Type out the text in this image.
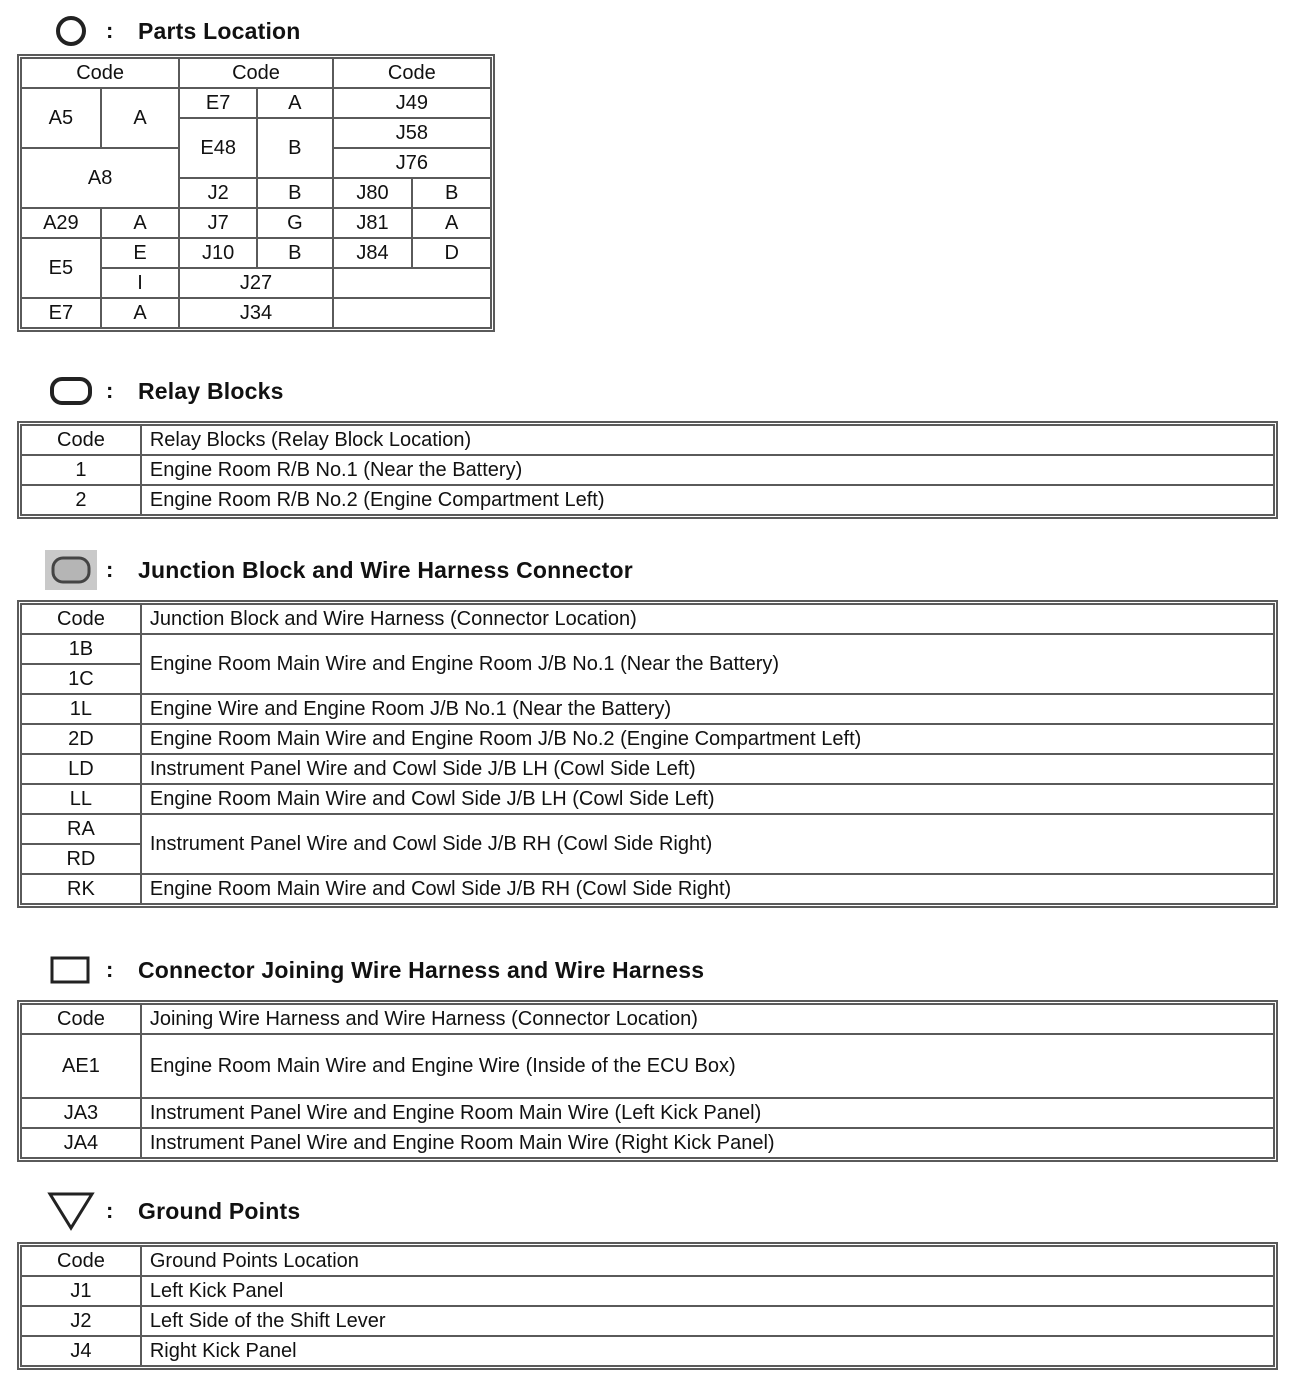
:	Parts Location
Code		Code		Code	
A5	A	E7	A	J49	
		E48	B	J58	
A8				J76	
		J2	B	J80	B
A29	A	J7	G	J81	A
E5	E	J10	B	J84	D
	I	J27			
E7	A	J34			
:	Relay Blocks
Code	Relay Blocks (Relay Block Location)
1	Engine Room R/B No.1 (Near the Battery)
2	Engine Room R/B No.2 (Engine Compartment Left)
:	Junction Block and Wire Harness Connector
Code	Junction Block and Wire Harness (Connector Location)
1B	Engine Room Main Wire and Engine Room J/B No.1 (Near the Battery)
1C	
1L	Engine Wire and Engine Room J/B No.1 (Near the Battery)
2D	Engine Room Main Wire and Engine Room J/B No.2 (Engine Compartment Left)
LD	Instrument Panel Wire and Cowl Side J/B LH (Cowl Side Left)
LL	Engine Room Main Wire and Cowl Side J/B LH (Cowl Side Left)
RA	Instrument Panel Wire and Cowl Side J/B RH (Cowl Side Right)
RD	
RK	Engine Room Main Wire and Cowl Side J/B RH (Cowl Side Right)
:	Connector Joining Wire Harness and Wire Harness
Code	Joining Wire Harness and Wire Harness (Connector Location)
AE1	Engine Room Main Wire and Engine Wire (Inside of the ECU Box)
JA3	Instrument Panel Wire and Engine Room Main Wire (Left Kick Panel)
JA4	Instrument Panel Wire and Engine Room Main Wire (Right Kick Panel)
:	Ground Points
Code	Ground Points Location
J1	Left Kick Panel
J2	Left Side of the Shift Lever
J4	Right Kick Panel
